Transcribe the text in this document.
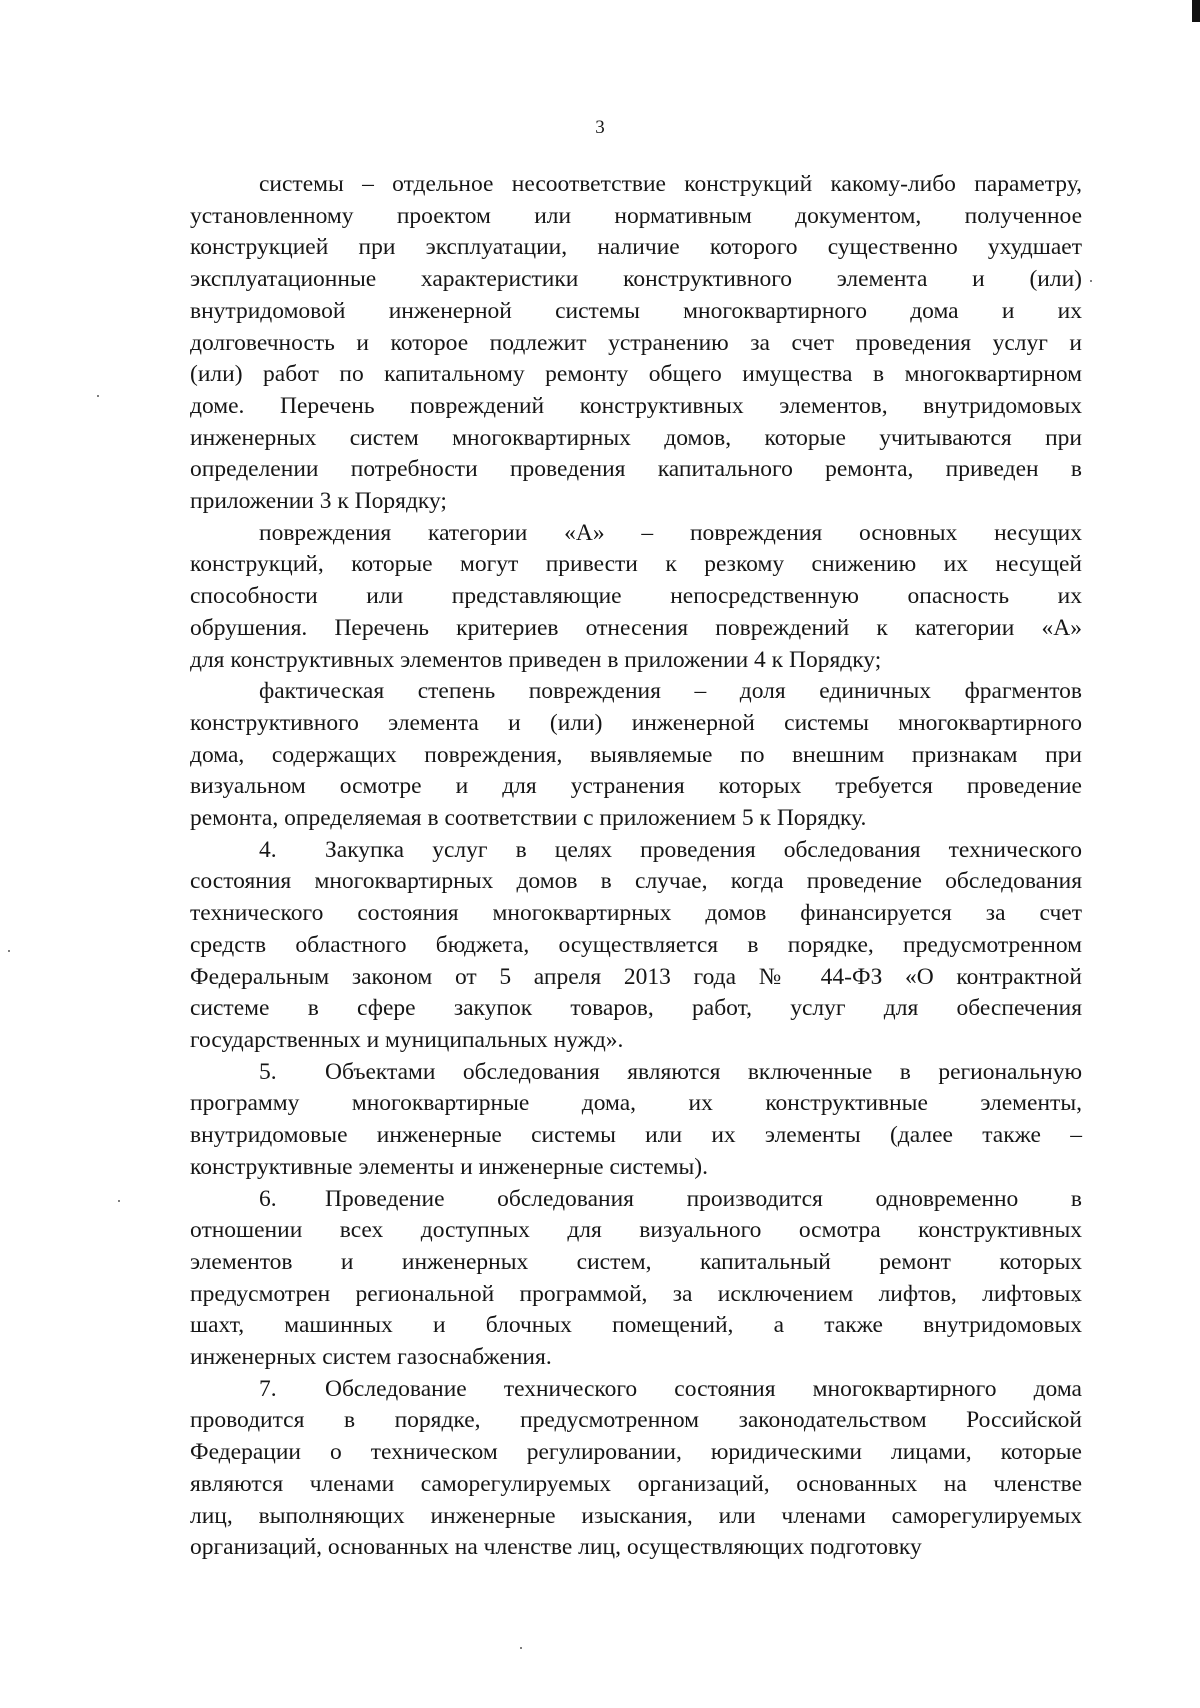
3
системы – отдельное несоответствие конструкций какому-либо параметру,
установленному проектом или нормативным документом, полученное
конструкцией при эксплуатации, наличие которого существенно ухудшает
эксплуатационные характеристики конструктивного элемента и (или)
внутридомовой инженерной системы многоквартирного дома и их
долговечность и которое подлежит устранению за счет проведения услуг и
(или) работ по капитальному ремонту общего имущества в многоквартирном
доме. Перечень повреждений конструктивных элементов, внутридомовых
инженерных систем многоквартирных домов, которые учитываются при
определении потребности проведения капитального ремонта, приведен в
приложении 3 к Порядку;
повреждения категории «А» – повреждения основных несущих
конструкций, которые могут привести к резкому снижению их несущей
способности или представляющие непосредственную опасность их
обрушения. Перечень критериев отнесения повреждений к категории «А»
для конструктивных элементов приведен в приложении 4 к Порядку;
фактическая степень повреждения – доля единичных фрагментов
конструктивного элемента и (или) инженерной системы многоквартирного
дома, содержащих повреждения, выявляемые по внешним признакам при
визуальном осмотре и для устранения которых требуется проведение
ремонта, определяемая в соответствии с приложением 5 к Порядку.
4.	Закупка услуг в целях проведения обследования технического
состояния многоквартирных домов в случае, когда проведение обследования
технического состояния многоквартирных домов финансируется за счет
средств областного бюджета, осуществляется в порядке, предусмотренном
Федеральным законом от 5 апреля 2013 года № 44-ФЗ «О контрактной
системе в сфере закупок товаров, работ, услуг для обеспечения
государственных и муниципальных нужд».
5.	Объектами обследования являются включенные в региональную
программу многоквартирные дома, их конструктивные элементы,
внутридомовые инженерные системы или их элементы (далее также –
конструктивные элементы и инженерные системы).
6.	Проведение обследования производится одновременно в
отношении всех доступных для визуального осмотра конструктивных
элементов и инженерных систем, капитальный ремонт которых
предусмотрен региональной программой, за исключением лифтов, лифтовых
шахт, машинных и блочных помещений, а также внутридомовых
инженерных систем газоснабжения.
7.	Обследование технического состояния многоквартирного дома
проводится в порядке, предусмотренном законодательством Российской
Федерации о техническом регулировании, юридическими лицами, которые
являются членами саморегулируемых организаций, основанных на членстве
лиц, выполняющих инженерные изыскания, или членами саморегулируемых
организаций, основанных на членстве лиц, осуществляющих подготовку
